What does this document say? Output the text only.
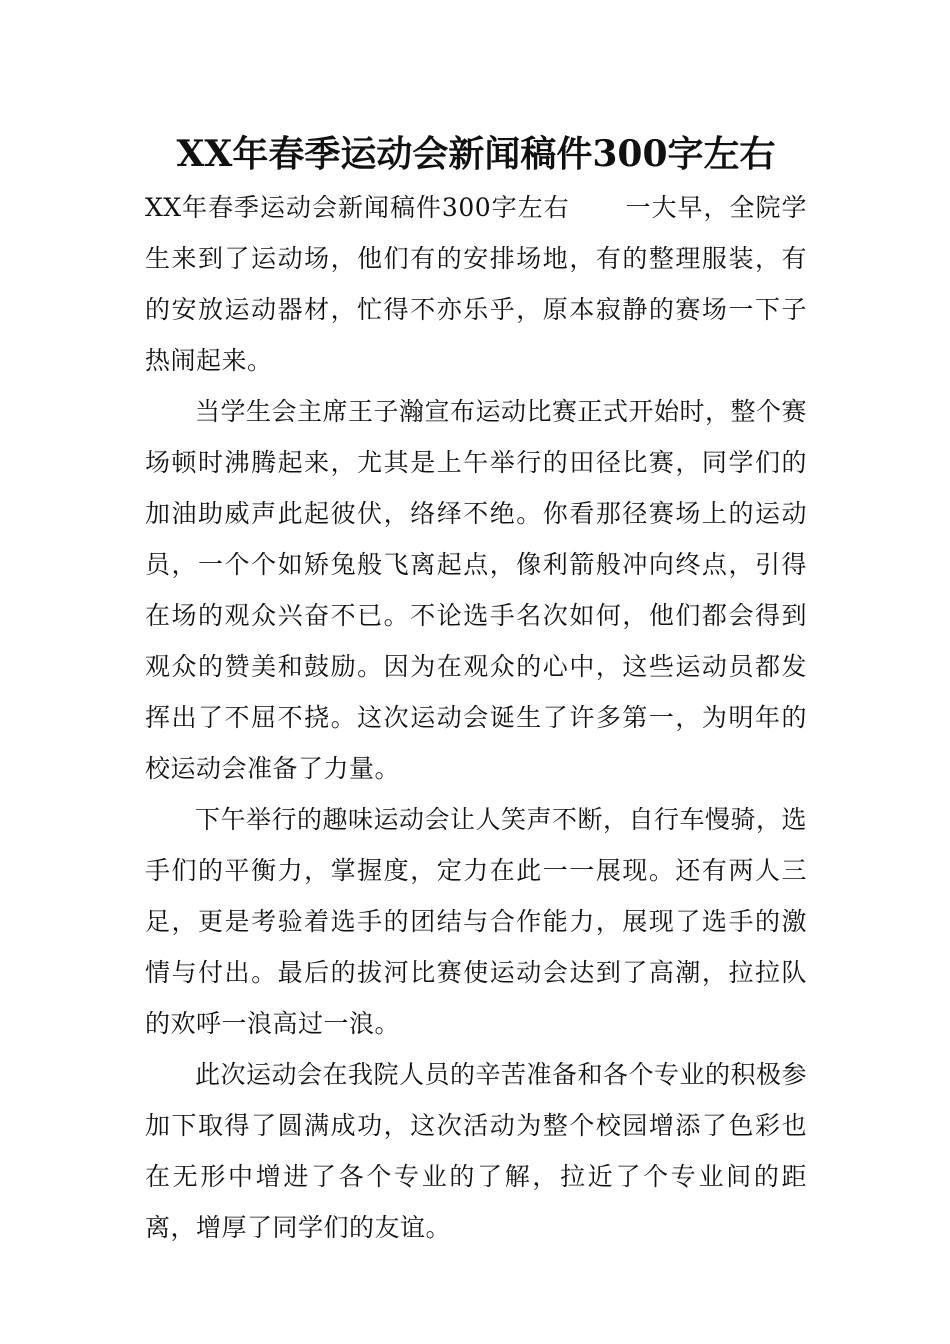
XX年春季运动会新闻稿件300字左右

XX年春季运动会新闻稿件300字左右 一大早，全院学生来到了运动场，他们有的安排场地，有的整理服装，有的安放运动器材，忙得不亦乐乎，原本寂静的赛场一下子热闹起来。

当学生会主席王子瀚宣布运动比赛正式开始时，整个赛场顿时沸腾起来，尤其是上午举行的田径比赛，同学们的加油助威声此起彼伏，络绎不绝。你看那径赛场上的运动员，一个个如矫兔般飞离起点，像利箭般冲向终点，引得在场的观众兴奋不已。不论选手名次如何，他们都会得到观众的赞美和鼓励。因为在观众的心中，这些运动员都发挥出了不屈不挠。这次运动会诞生了许多第一，为明年的校运动会准备了力量。

下午举行的趣味运动会让人笑声不断，自行车慢骑，选手们的平衡力，掌握度，定力在此一一展现。还有两人三足，更是考验着选手的团结与合作能力，展现了选手的激情与付出。最后的拔河比赛使运动会达到了高潮，拉拉队的欢呼一浪高过一浪。

此次运动会在我院人员的辛苦准备和各个专业的积极参加下取得了圆满成功，这次活动为整个校园增添了色彩也在无形中增进了各个专业的了解，拉近了个专业间的距离，增厚了同学们的友谊。
